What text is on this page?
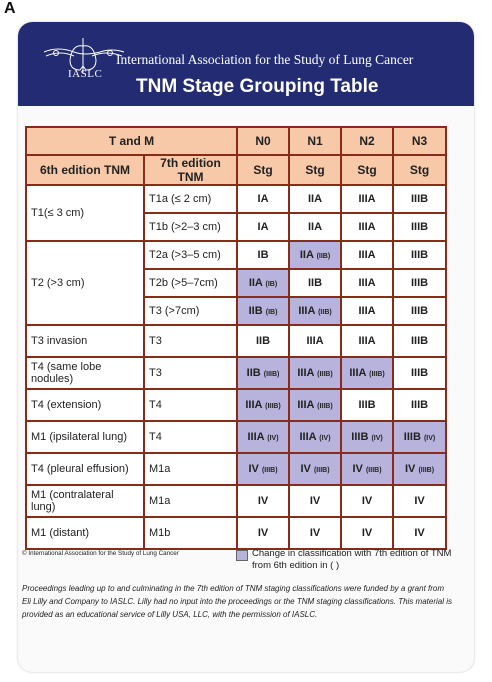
A
IASLC
International Association for the Study of Lung Cancer
TNM Stage Grouping Table
T and M		N0	N1	N2	N3
6th edition TNM	7th edition TNM	Stg	Stg	Stg	Stg
T1(≤ 3 cm)	T1a (≤ 2 cm)	IA	IIA	IIIA	IIIB
	T1b (>2–3 cm)	IA	IIA	IIIA	IIIB
T2 (>3 cm)	T2a (>3–5 cm)	IB	IIA (IIB)	IIIA	IIIB
	T2b (>5–7cm)	IIA (IB)	IIB	IIIA	IIIB
	T3 (>7cm)	IIB (IB)	IIIA (IIB)	IIIA	IIIB
T3 invasion	T3	IIB	IIIA	IIIA	IIIB
T4 (same lobe nodules)	T3	IIB (IIIB)	IIIA (IIIB)	IIIA (IIIB)	IIIB
T4 (extension)	T4	IIIA (IIIB)	IIIA (IIIB)	IIIB	IIIB
M1 (ipsilateral lung)	T4	IIIA (IV)	IIIA (IV)	IIIB (IV)	IIIB (IV)
T4 (pleural effusion)	M1a	IV (IIIB)	IV (IIIB)	IV (IIIB)	IV (IIIB)
M1 (contralateral lung)	M1a	IV	IV	IV	IV
M1 (distant)	M1b	IV	IV	IV	IV
© International Association for the Study of Lung Cancer	Change in classification with 7th edition of TNM from 6th edition in ( )
Proceedings leading up to and culminating in the 7th edition of TNM staging classifications were funded by a grant from Eli Lilly and Company to IASLC. Lilly had no input into the proceedings or the TNM staging classifications. This material is provided as an educational service of Lilly USA, LLC, with the permission of IASLC.
